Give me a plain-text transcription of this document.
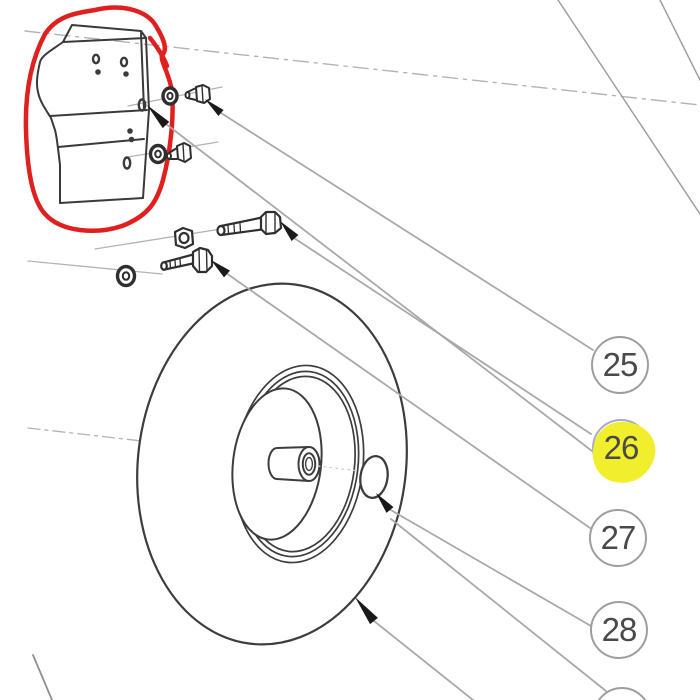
25
26
27
28
